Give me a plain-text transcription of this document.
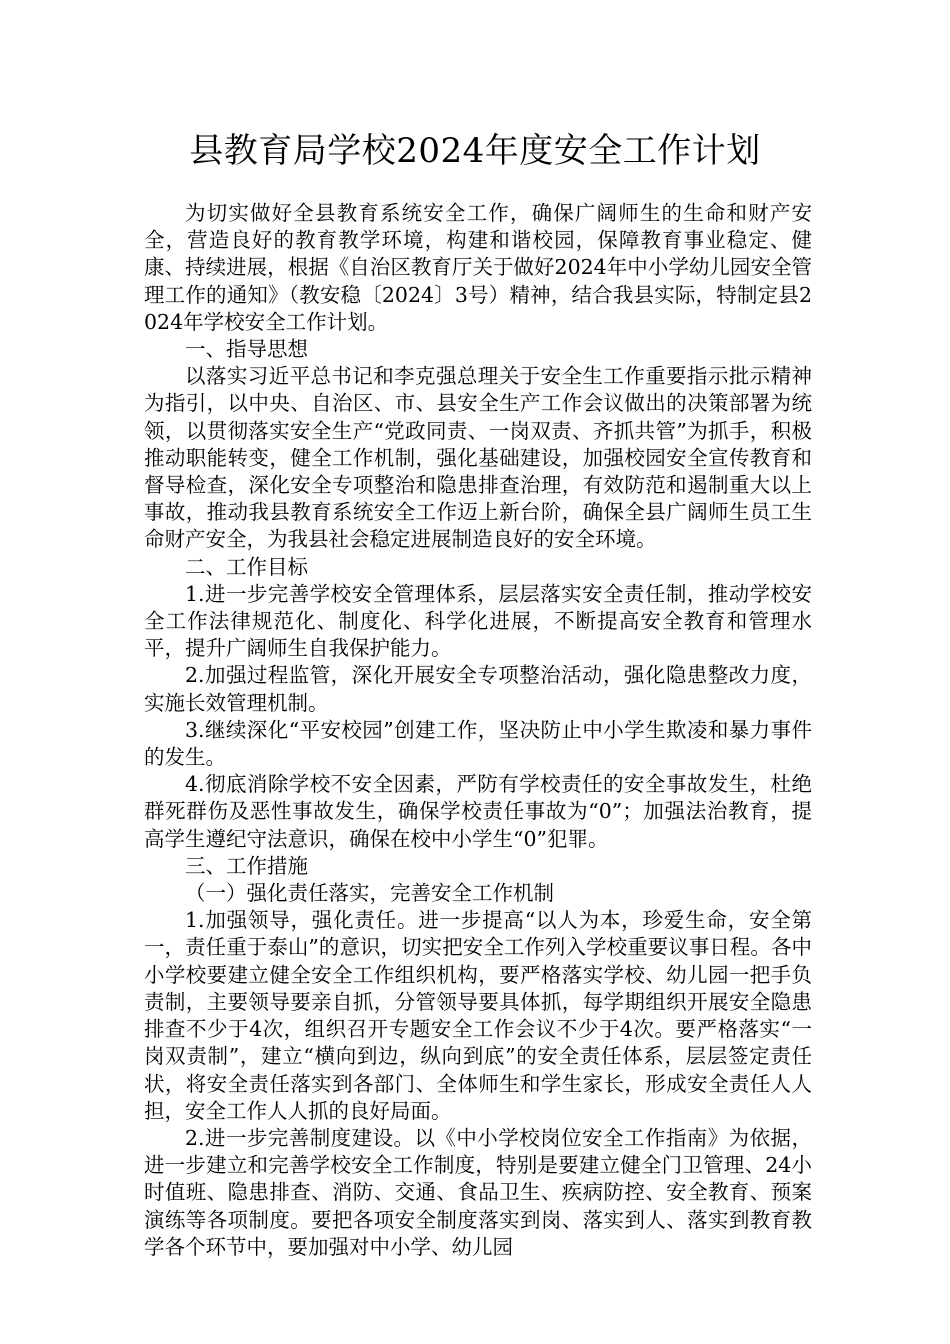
县教育局学校2024年度安全工作计划

为切实做好全县教育系统安全工作，确保广阔师生的生命和财产安全，营造良好的教育教学环境，构建和谐校园，保障教育事业稳定、健康、持续进展，根据《自治区教育厅关于做好2024年中小学幼儿园安全管理工作的通知》（教安稳〔2024〕3号）精神，结合我县实际，特制定县2024年学校安全工作计划。

一、指导思想

以落实习近平总书记和李克强总理关于安全生工作重要指示批示精神为指引，以中央、自治区、市、县安全生产工作会议做出的决策部署为统领，以贯彻落实安全生产“党政同责、一岗双责、齐抓共管”为抓手，积极推动职能转变，健全工作机制，强化基础建设，加强校园安全宣传教育和督导检查，深化安全专项整治和隐患排查治理，有效防范和遏制重大以上事故，推动我县教育系统安全工作迈上新台阶，确保全县广阔师生员工生命财产安全，为我县社会稳定进展制造良好的安全环境。

二、工作目标

1.进一步完善学校安全管理体系，层层落实安全责任制，推动学校安全工作法律规范化、制度化、科学化进展，不断提高安全教育和管理水平，提升广阔师生自我保护能力。

2.加强过程监管，深化开展安全专项整治活动，强化隐患整改力度，实施长效管理机制。

3.继续深化“平安校园”创建工作，坚决防止中小学生欺凌和暴力事件的发生。

4.彻底消除学校不安全因素，严防有学校责任的安全事故发生，杜绝群死群伤及恶性事故发生，确保学校责任事故为“0”；加强法治教育，提高学生遵纪守法意识，确保在校中小学生“0”犯罪。

三、工作措施

（一）强化责任落实，完善安全工作机制

1.加强领导，强化责任。进一步提高“以人为本，珍爱生命，安全第一，责任重于泰山”的意识，切实把安全工作列入学校重要议事日程。各中小学校要建立健全安全工作组织机构，要严格落实学校、幼儿园一把手负责制，主要领导要亲自抓，分管领导要具体抓，每学期组织开展安全隐患排查不少于4次，组织召开专题安全工作会议不少于4次。要严格落实“一岗双责制”，建立“横向到边，纵向到底”的安全责任体系，层层签定责任状，将安全责任落实到各部门、全体师生和学生家长，形成安全责任人人担，安全工作人人抓的良好局面。

2.进一步完善制度建设。以《中小学校岗位安全工作指南》为依据，进一步建立和完善学校安全工作制度，特别是要建立健全门卫管理、24小时值班、隐患排查、消防、交通、食品卫生、疾病防控、安全教育、预案演练等各项制度。要把各项安全制度落实到岗、落实到人、落实到教育教学各个环节中，要加强对中小学、幼儿园
